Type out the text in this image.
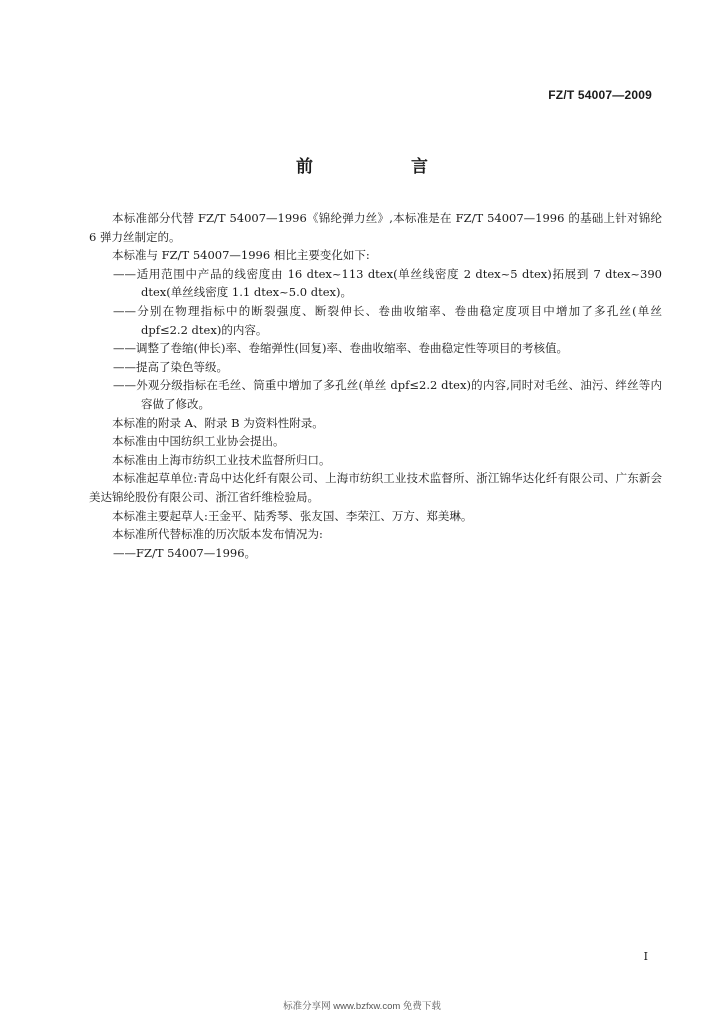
FZ/T 54007—2009
前 言

本标准部分代替 FZ/T 54007—1996《锦纶弹力丝》,本标准是在 FZ/T 54007—1996 的基础上针对锦纶 6 弹力丝制定的。

本标准与 FZ/T 54007—1996 相比主要变化如下:

——适用范围中产品的线密度由 16 dtex~113 dtex(单丝线密度 2 dtex~5 dtex)拓展到 7 dtex~390 dtex(单丝线密度 1.1 dtex~5.0 dtex)。

——分别在物理指标中的断裂强度、断裂伸长、卷曲收缩率、卷曲稳定度项目中增加了多孔丝(单丝 dpf≤2.2 dtex)的内容。

——调整了卷缩(伸长)率、卷缩弹性(回复)率、卷曲收缩率、卷曲稳定性等项目的考核值。

——提高了染色等级。

——外观分级指标在毛丝、筒重中增加了多孔丝(单丝 dpf≤2.2 dtex)的内容,同时对毛丝、油污、绊丝等内容做了修改。

本标准的附录 A、附录 B 为资料性附录。

本标准由中国纺织工业协会提出。

本标准由上海市纺织工业技术监督所归口。

本标准起草单位:青岛中达化纤有限公司、上海市纺织工业技术监督所、浙江锦华达化纤有限公司、广东新会美达锦纶股份有限公司、浙江省纤维检验局。

本标准主要起草人:王金平、陆秀琴、张友国、李荣江、万方、郑美琳。

本标准所代替标准的历次版本发布情况为:

——FZ/T 54007—1996。

I
标准分享网 www.bzfxw.com 免费下载
